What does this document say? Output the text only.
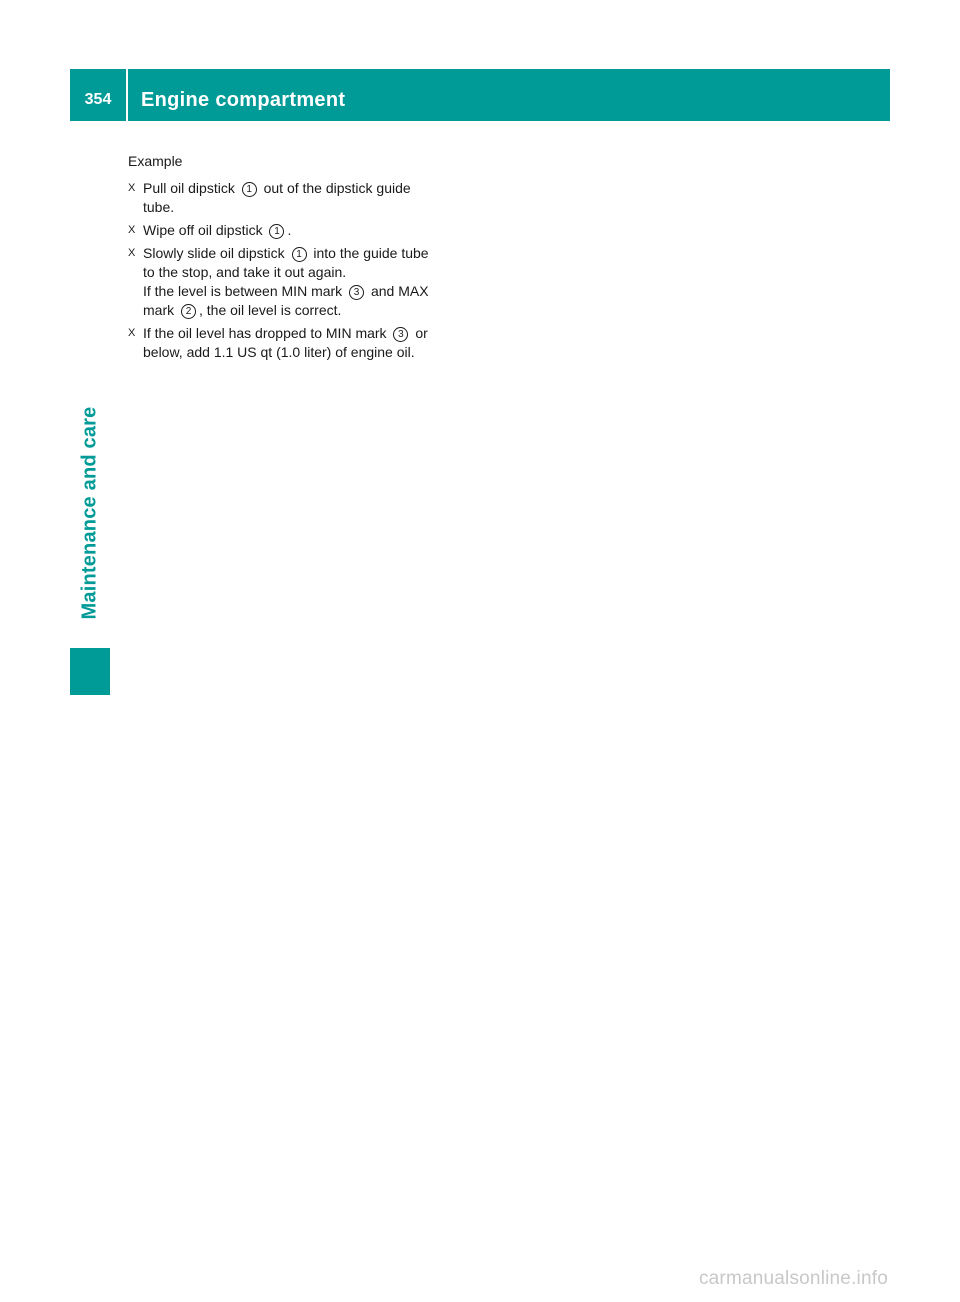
354	Engine compartment
Maintenance and care

Example

X Pull oil dipstick 1 out of the dipstick guide
tube.
X Wipe off oil dipstick 1 .
X Slowly slide oil dipstick 1 into the guide tube
to the stop, and take it out again.
If the level is between MIN mark 3 and MAX
mark 2 , the oil level is correct.
X If the oil level has dropped to MIN mark 3 or
below, add 1.1 US qt (1.0 liter) of engine oil.
carmanualsonline.info
